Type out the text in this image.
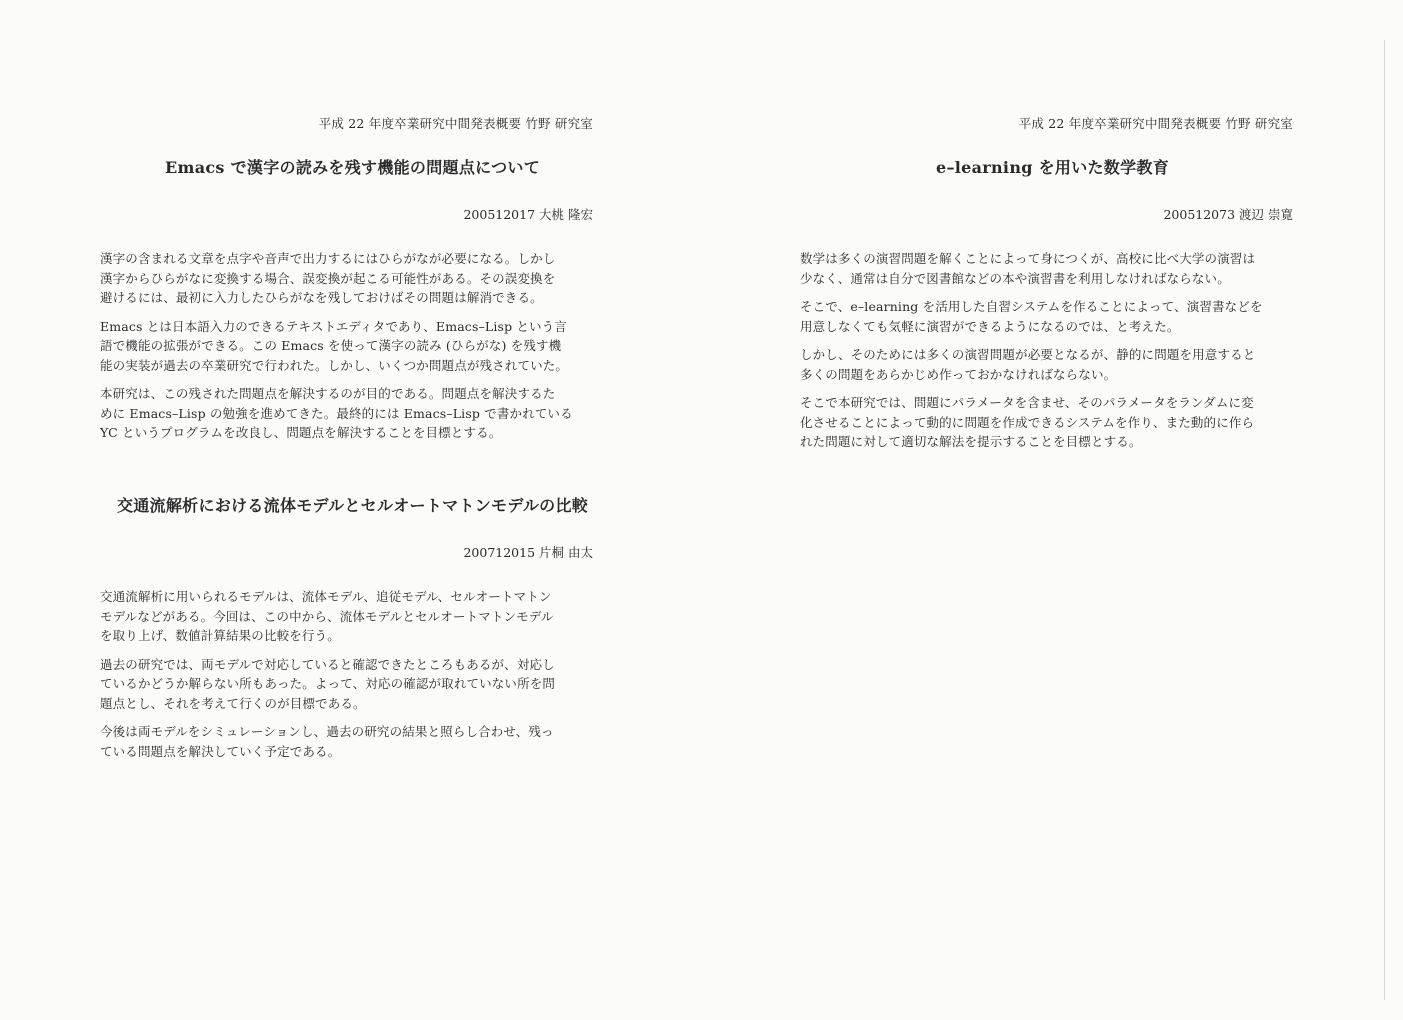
平成 22 年度卒業研究中間発表概要 竹野 研究室
Emacs で漢字の読みを残す機能の問題点について
200512017 大桃 隆宏

漢字の含まれる文章を点字や音声で出力するにはひらがなが必要になる。しかし
漢字からひらがなに変換する場合、誤変換が起こる可能性がある。その誤変換を
避けるには、最初に入力したひらがなを残しておけばその問題は解消できる。

Emacs とは日本語入力のできるテキストエディタであり、Emacs–Lisp という言
語で機能の拡張ができる。この Emacs を使って漢字の読み (ひらがな) を残す機
能の実装が過去の卒業研究で行われた。しかし、いくつか問題点が残されていた。

本研究は、この残された問題点を解決するのが目的である。問題点を解決するた
めに Emacs–Lisp の勉強を進めてきた。最終的には Emacs–Lisp で書かれている
YC というプログラムを改良し、問題点を解決することを目標とする。

交通流解析における流体モデルとセルオートマトンモデルの比較
200712015 片桐 由太

交通流解析に用いられるモデルは、流体モデル、追従モデル、セルオートマトン
モデルなどがある。今回は、この中から、流体モデルとセルオートマトンモデル
を取り上げ、数値計算結果の比較を行う。

過去の研究では、両モデルで対応していると確認できたところもあるが、対応し
ているかどうか解らない所もあった。よって、対応の確認が取れていない所を問
題点とし、それを考えて行くのが目標である。

今後は両モデルをシミュレーションし、過去の研究の結果と照らし合わせ、残っ
ている問題点を解決していく予定である。

平成 22 年度卒業研究中間発表概要 竹野 研究室
e–learning を用いた数学教育
200512073 渡辺 崇寛

数学は多くの演習問題を解くことによって身につくが、高校に比べ大学の演習は
少なく、通常は自分で図書館などの本や演習書を利用しなければならない。

そこで、e–learning を活用した自習システムを作ることによって、演習書などを
用意しなくても気軽に演習ができるようになるのでは、と考えた。

しかし、そのためには多くの演習問題が必要となるが、静的に問題を用意すると
多くの問題をあらかじめ作っておかなければならない。

そこで本研究では、問題にパラメータを含ませ、そのパラメータをランダムに変
化させることによって動的に問題を作成できるシステムを作り、また動的に作ら
れた問題に対して適切な解法を提示することを目標とする。
